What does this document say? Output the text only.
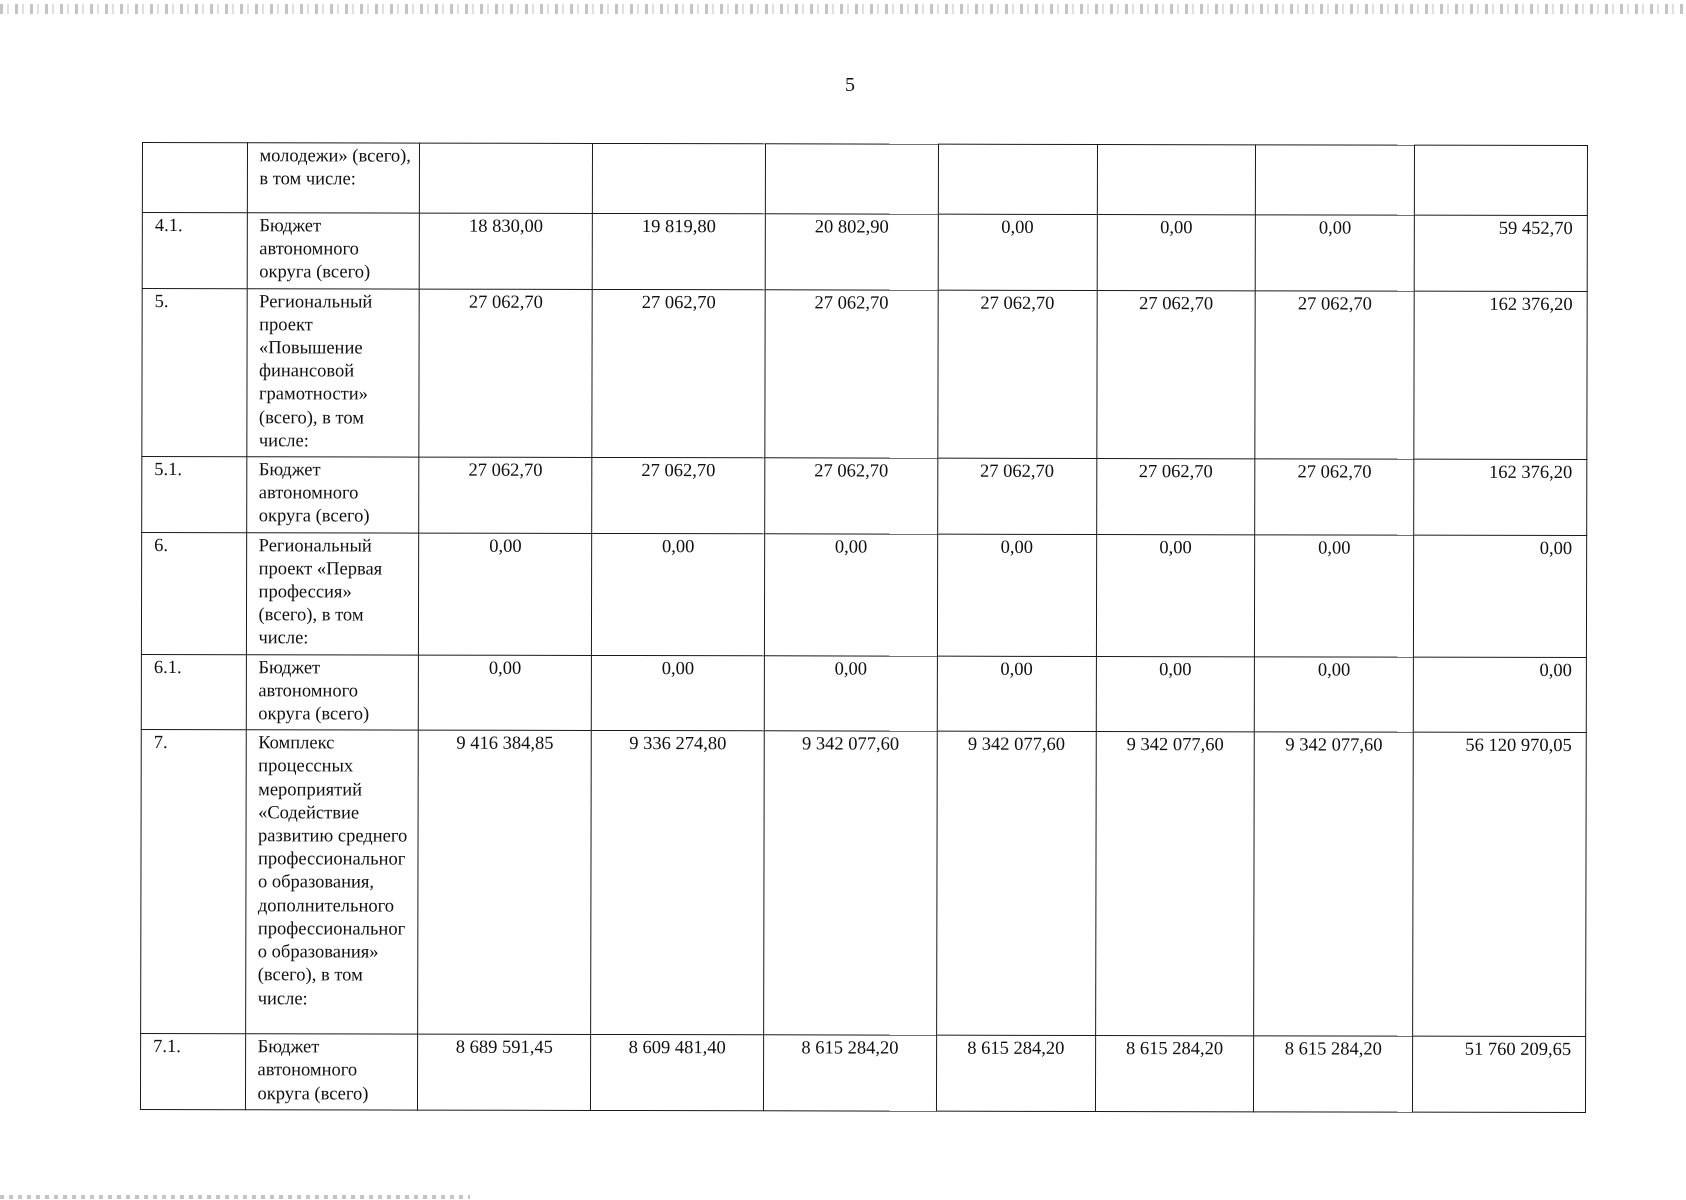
5
	молодежи» (всего), в том числе:							
4.1.	Бюджет автономного округа (всего)	18 830,00	19 819,80	20 802,90	0,00	0,00	0,00	59 452,70
5.	Региональный проект «Повышение финансовой грамотности» (всего), в том числе:	27 062,70	27 062,70	27 062,70	27 062,70	27 062,70	27 062,70	162 376,20
5.1.	Бюджет автономного округа (всего)	27 062,70	27 062,70	27 062,70	27 062,70	27 062,70	27 062,70	162 376,20
6.	Региональный проект «Первая профессия» (всего), в том числе:	0,00	0,00	0,00	0,00	0,00	0,00	0,00
6.1.	Бюджет автономного округа (всего)	0,00	0,00	0,00	0,00	0,00	0,00	0,00
7.	Комплекс процессных мероприятий «Содействие развитию среднего профессиональног о образования, дополнительного профессиональног о образования» (всего), в том числе:	9 416 384,85	9 336 274,80	9 342 077,60	9 342 077,60	9 342 077,60	9 342 077,60	56 120 970,05
7.1.	Бюджет автономного округа (всего)	8 689 591,45	8 609 481,40	8 615 284,20	8 615 284,20	8 615 284,20	8 615 284,20	51 760 209,65
